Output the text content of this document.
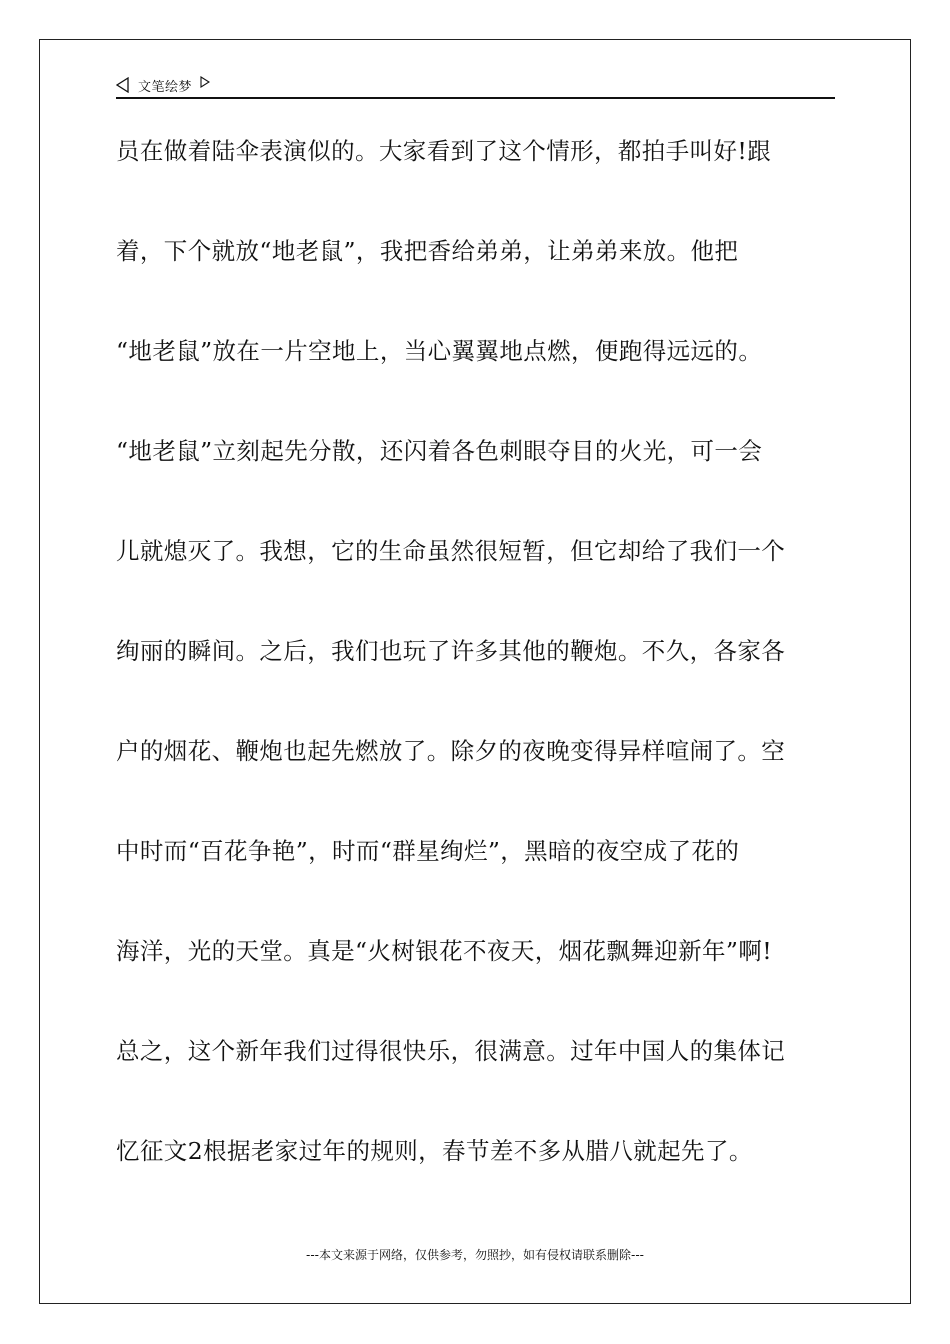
文笔绘梦
员在做着陆伞表演似的。大家看到了这个情形，都拍手叫好!跟
着，下个就放“地老鼠”，我把香给弟弟，让弟弟来放。他把
“地老鼠”放在一片空地上，当心翼翼地点燃，便跑得远远的。
“地老鼠”立刻起先分散，还闪着各色刺眼夺目的火光，可一会
儿就熄灭了。我想，它的生命虽然很短暂，但它却给了我们一个
绚丽的瞬间。之后，我们也玩了许多其他的鞭炮。不久，各家各
户的烟花、鞭炮也起先燃放了。除夕的夜晚变得异样喧闹了。空
中时而“百花争艳”，时而“群星绚烂”，黑暗的夜空成了花的
海洋，光的天堂。真是“火树银花不夜天，烟花飘舞迎新年”啊!
总之，这个新年我们过得很快乐，很满意。过年中国人的集体记
忆征文2根据老家过年的规则，春节差不多从腊八就起先了。
---本文来源于网络，仅供参考，勿照抄，如有侵权请联系删除---
